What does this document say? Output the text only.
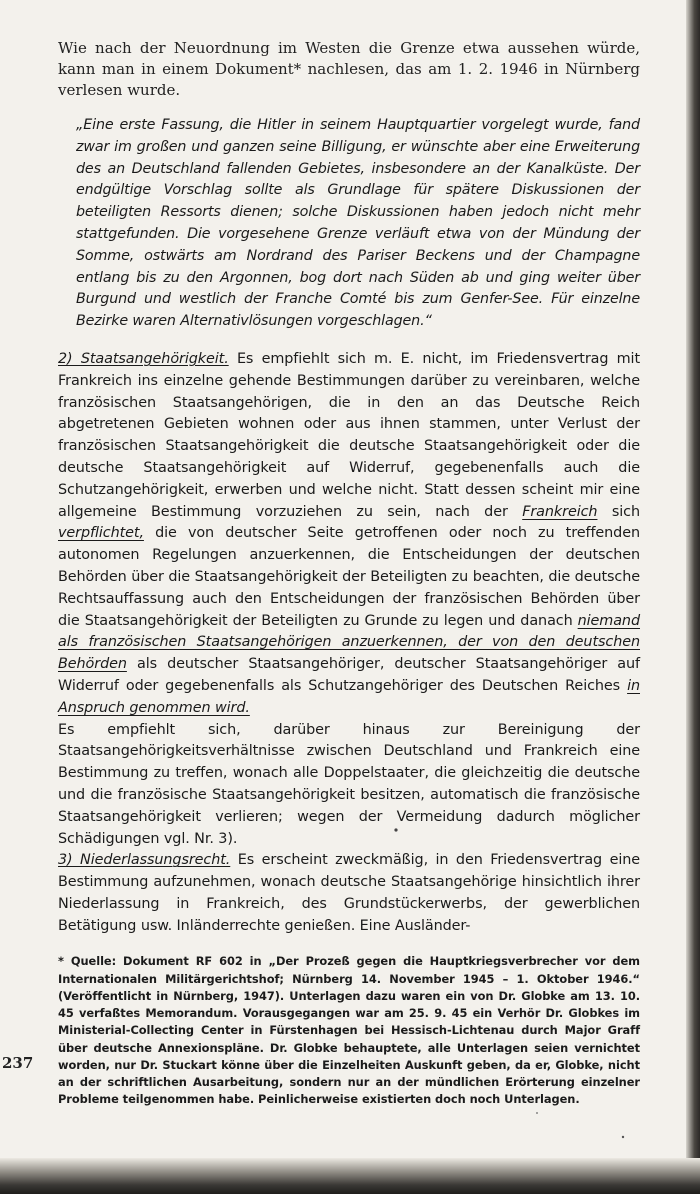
237

Wie nach der Neuordnung im Westen die Grenze etwa aussehen würde, kann man in einem Dokument* nachlesen, das am 1. 2. 1946 in Nürnberg verlesen wurde.

„Eine erste Fassung, die Hitler in seinem Hauptquartier vorgelegt wurde, fand zwar im großen und ganzen seine Billigung, er wünschte aber eine Erweiterung des an Deutschland fallenden Gebietes, insbesondere an der Kanalküste. Der endgültige Vorschlag sollte als Grundlage für spätere Diskussionen der beteiligten Ressorts dienen; solche Diskussionen haben jedoch nicht mehr stattgefunden. Die vorgesehene Grenze verläuft etwa von der Mündung der Somme, ostwärts am Nordrand des Pariser Beckens und der Champagne entlang bis zu den Argonnen, bog dort nach Süden ab und ging weiter über Burgund und westlich der Franche Comté bis zum Genfer-See. Für einzelne Bezirke waren Alternativlösungen vorgeschlagen.“

2) Staatsangehörigkeit. Es empfiehlt sich m. E. nicht, im Friedensvertrag mit Frankreich ins einzelne gehende Bestimmungen darüber zu vereinbaren, welche französischen Staatsangehörigen, die in den an das Deutsche Reich abgetretenen Gebieten wohnen oder aus ihnen stammen, unter Verlust der französischen Staatsangehörigkeit die deutsche Staatsangehörigkeit oder die deutsche Staatsangehörigkeit auf Widerruf, gegebenenfalls auch die Schutzangehörigkeit, erwerben und welche nicht. Statt dessen scheint mir eine allgemeine Bestimmung vorzuziehen zu sein, nach der Frankreich sich verpflichtet, die von deutscher Seite getroffenen oder noch zu treffenden autonomen Regelungen anzuerkennen, die Entscheidungen der deutschen Behörden über die Staatsangehörigkeit der Beteiligten zu beachten, die deutsche Rechtsauffassung auch den Entscheidungen der französischen Behörden über die Staatsangehörigkeit der Beteiligten zu Grunde zu legen und danach niemand als französischen Staatsangehörigen anzuerkennen, der von den deutschen Behörden als deutscher Staatsangehöriger, deutscher Staatsangehöriger auf Widerruf oder gegebenenfalls als Schutzangehöriger des Deutschen Reiches in Anspruch genommen wird.

Es empfiehlt sich, darüber hinaus zur Bereinigung der Staatsangehörigkeitsverhältnisse zwischen Deutschland und Frankreich eine Bestimmung zu treffen, wonach alle Doppelstaater, die gleichzeitig die deutsche und die französische Staatsangehörigkeit besitzen, automatisch die französische Staatsangehörigkeit verlieren; wegen der Vermeidung dadurch möglicher Schädigungen vgl. Nr. 3).

3) Niederlassungsrecht. Es erscheint zweckmäßig, in den Friedensvertrag eine Bestimmung aufzunehmen, wonach deutsche Staatsangehörige hinsichtlich ihrer Niederlassung in Frankreich, des Grundstückerwerbs, der gewerblichen Betätigung usw. Inländerrechte genießen. Eine Ausländer-

* Quelle: Dokument RF 602 in „Der Prozeß gegen die Hauptkriegsverbrecher vor dem Internationalen Militärgerichtshof; Nürnberg 14. November 1945 – 1. Oktober 1946.“ (Veröffentlicht in Nürnberg, 1947). Unterlagen dazu waren ein von Dr. Globke am 13. 10. 45 verfaßtes Memorandum. Vorausgegangen war am 25. 9. 45 ein Verhör Dr. Globkes im Ministerial-Collecting Center in Fürstenhagen bei Hessisch-Lichtenau durch Major Graff über deutsche Annexionspläne. Dr. Globke behauptete, alle Unterlagen seien vernichtet worden, nur Dr. Stuckart könne über die Einzelheiten Auskunft geben, da er, Globke, nicht an der schriftlichen Ausarbeitung, sondern nur an der mündlichen Erörterung einzelner Probleme teilgenommen habe. Peinlicherweise existierten doch noch Unterlagen.
